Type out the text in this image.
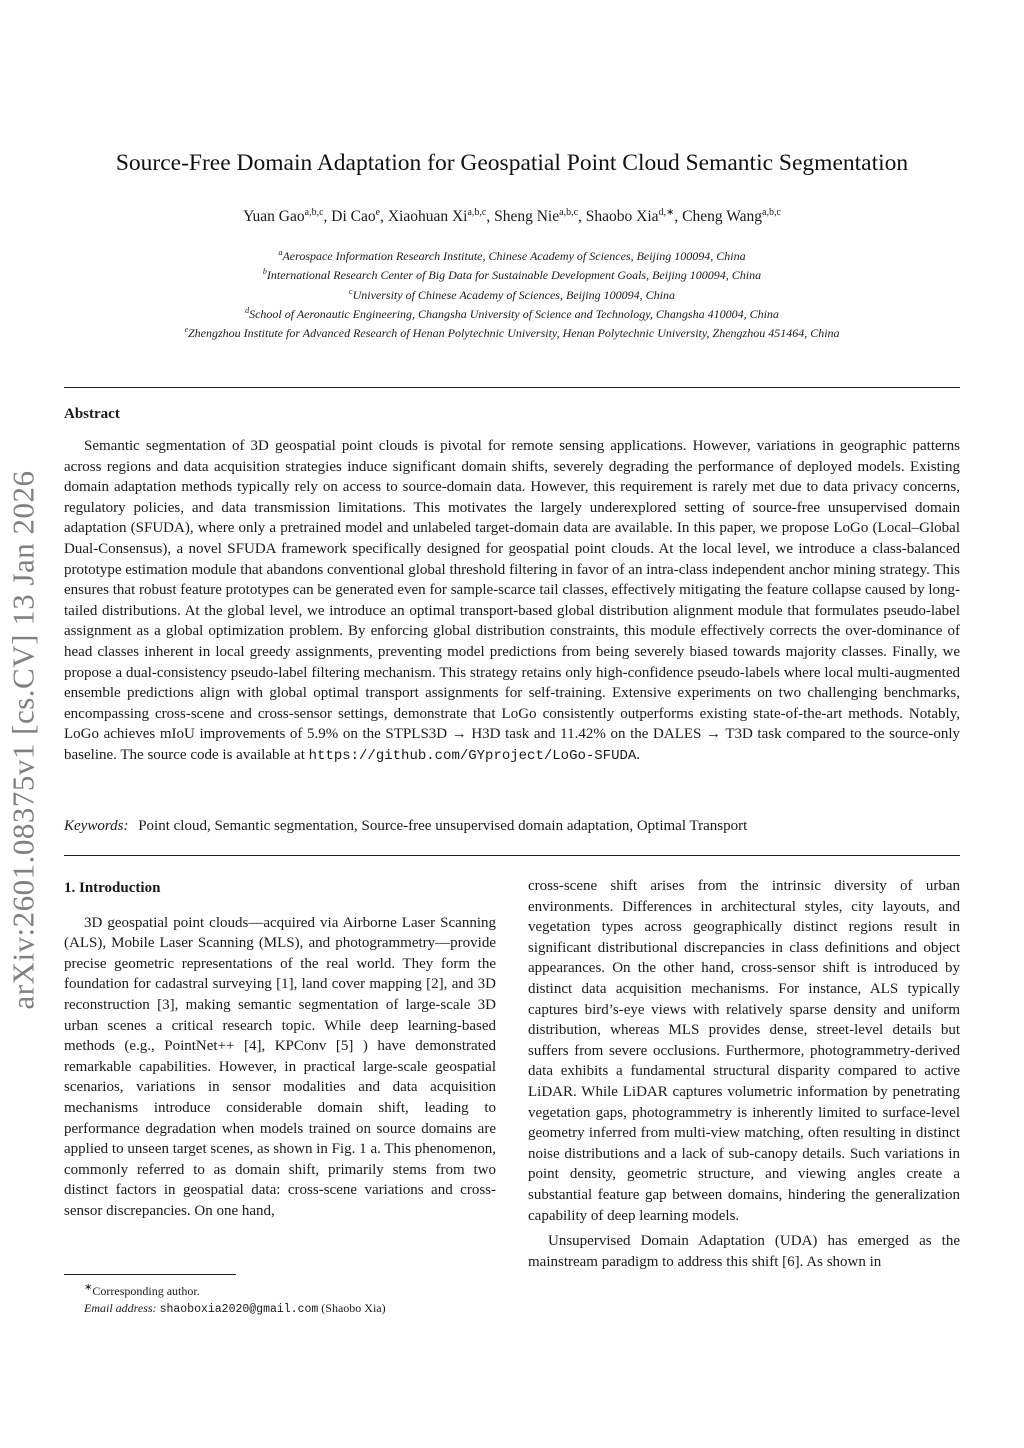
arXiv:2601.08375v1 [cs.CV] 13 Jan 2026
Source-Free Domain Adaptation for Geospatial Point Cloud Semantic Segmentation
Yuan Gao$^{a,b,c}$, Di Cao$^e$, Xiaohuan Xi$^{a,b,c}$, Sheng Nie$^{a,b,c}$, Shaobo Xia$^{d,∗}$, Cheng Wang$^{a,b,c}$
$^a$Aerospace Information Research Institute, Chinese Academy of Sciences, Beijing 100094, China
$^b$International Research Center of Big Data for Sustainable Development Goals, Beijing 100094, China
$^c$University of Chinese Academy of Sciences, Beijing 100094, China
$^d$School of Aeronautic Engineering, Changsha University of Science and Technology, Changsha 410004, China
$^e$Zhengzhou Institute for Advanced Research of Henan Polytechnic University, Henan Polytechnic University, Zhengzhou 451464, China
Abstract
Semantic segmentation of 3D geospatial point clouds is pivotal for remote sensing applications. However, variations in geographic patterns across regions and data acquisition strategies induce significant domain shifts, severely degrading the performance of deployed models. Existing domain adaptation methods typically rely on access to source-domain data. However, this requirement is rarely met due to data privacy concerns, regulatory policies, and data transmission limitations. This motivates the largely underexplored setting of source-free unsupervised domain adaptation (SFUDA), where only a pretrained model and unlabeled target-domain data are available. In this paper, we propose LoGo (Local–Global Dual-Consensus), a novel SFUDA framework specifically designed for geospatial point clouds. At the local level, we introduce a class-balanced prototype estimation module that abandons conventional global threshold filtering in favor of an intra-class independent anchor mining strategy. This ensures that robust feature prototypes can be generated even for sample-scarce tail classes, effectively mitigating the feature collapse caused by long-tailed distributions. At the global level, we introduce an optimal transport-based global distribution alignment module that formulates pseudo-label assignment as a global optimization problem. By enforcing global distribution constraints, this module effectively corrects the over-dominance of head classes inherent in local greedy assignments, preventing model predictions from being severely biased towards majority classes. Finally, we propose a dual-consistency pseudo-label filtering mechanism. This strategy retains only high-confidence pseudo-labels where local multi-augmented ensemble predictions align with global optimal transport assignments for self-training. Extensive experiments on two challenging benchmarks, encompassing cross-scene and cross-sensor settings, demonstrate that LoGo consistently outperforms existing state-of-the-art methods. Notably, LoGo achieves mIoU improvements of 5.9% on the STPLS3D → H3D task and 11.42% on the DALES → T3D task compared to the source-only baseline. The source code is available at https://github.com/GYproject/LoGo-SFUDA.
Keywords: Point cloud, Semantic segmentation, Source-free unsupervised domain adaptation, Optimal Transport
1. Introduction

3D geospatial point clouds—acquired via Airborne Laser Scanning (ALS), Mobile Laser Scanning (MLS), and photogrammetry—provide precise geometric representations of the real world. They form the foundation for cadastral surveying [1], land cover mapping [2], and 3D reconstruction [3], making semantic segmentation of large-scale 3D urban scenes a critical research topic. While deep learning-based methods (e.g., PointNet++ [4], KPConv [5] ) have demonstrated remarkable capabilities. However, in practical large-scale geospatial scenarios, variations in sensor modalities and data acquisition mechanisms introduce considerable domain shift, leading to performance degradation when models trained on source domains are applied to unseen target scenes, as shown in Fig. 1 a. This phenomenon, commonly referred to as domain shift, primarily stems from two distinct factors in geospatial data: cross-scene variations and cross-sensor discrepancies. On one hand,

cross-scene shift arises from the intrinsic diversity of urban environments. Differences in architectural styles, city layouts, and vegetation types across geographically distinct regions result in significant distributional discrepancies in class definitions and object appearances. On the other hand, cross-sensor shift is introduced by distinct data acquisition mechanisms. For instance, ALS typically captures bird’s-eye views with relatively sparse density and uniform distribution, whereas MLS provides dense, street-level details but suffers from severe occlusions. Furthermore, photogrammetry-derived data exhibits a fundamental structural disparity compared to active LiDAR. While LiDAR captures volumetric information by penetrating vegetation gaps, photogrammetry is inherently limited to surface-level geometry inferred from multi-view matching, often resulting in distinct noise distributions and a lack of sub-canopy details. Such variations in point density, geometric structure, and viewing angles create a substantial feature gap between domains, hindering the generalization capability of deep learning models.

Unsupervised Domain Adaptation (UDA) has emerged as the mainstream paradigm to address this shift [6]. As shown in

∗Corresponding author.
Email address: shaoboxia2020@gmail.com (Shaobo Xia)
